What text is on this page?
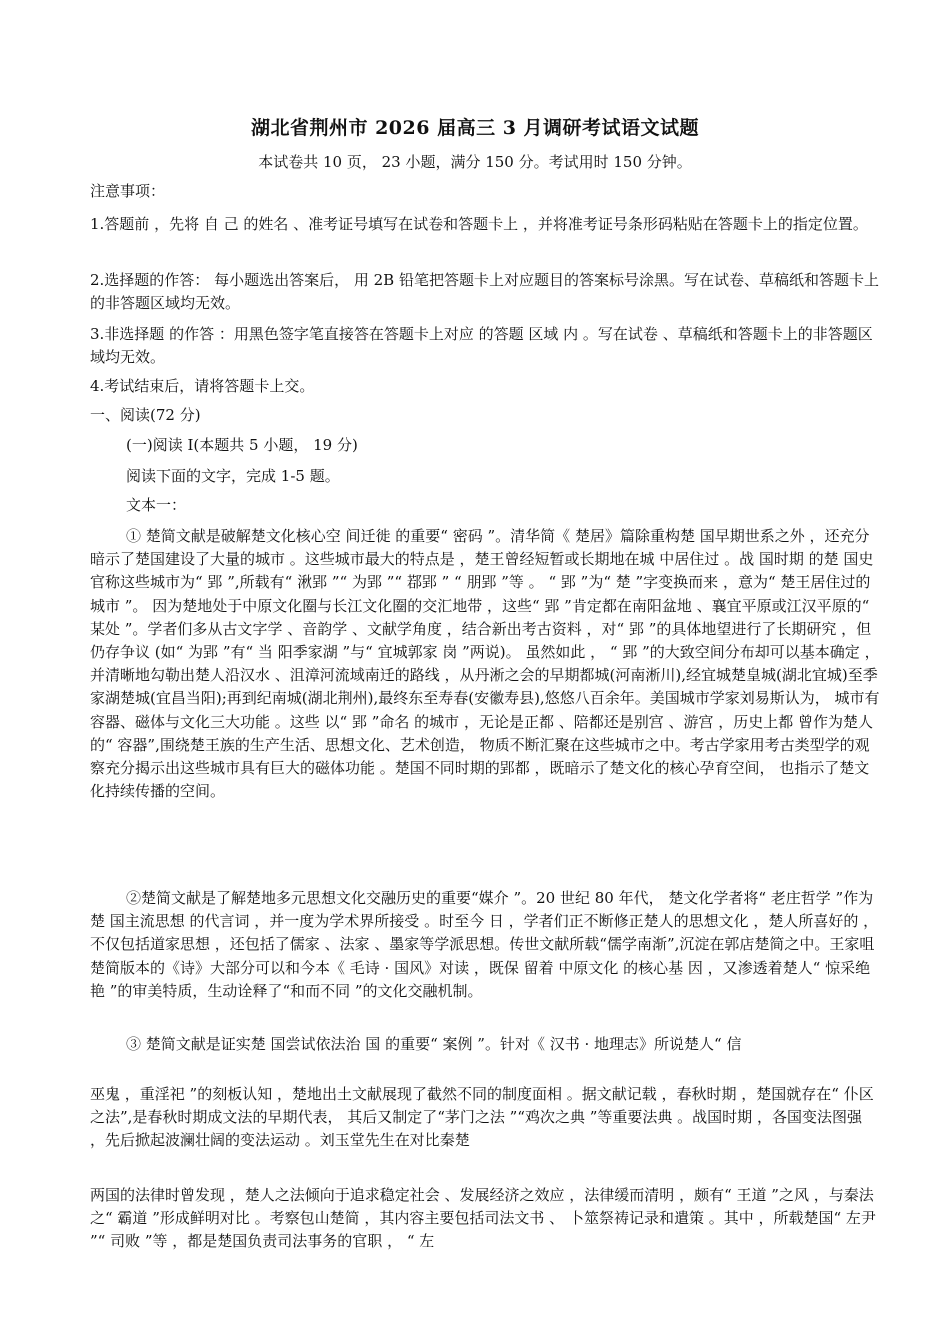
湖北省荆州市 2026 届高三 3 月调研考试语文试题
本试卷共 10 页， 23 小题，满分 150 分。考试用时 150 分钟。
注意事项：
1.答题前 ，先将 自 己 的姓名 、准考证号填写在试卷和答题卡上 ，并将准考证号条形码粘贴在答题卡上的指定位置。
2.选择题的作答： 每小题选出答案后， 用 2B 铅笔把答题卡上对应题目的答案标号涂黑。写在试卷、草稿纸和答题卡上的非答题区域均无效。
3.非选择题 的作答 ：用黑色签字笔直接答在答题卡上对应 的答题 区域 内 。写在试卷 、草稿纸和答题卡上的非答题区域均无效。
4.考试结束后，请将答题卡上交。
一、阅读(72 分)
(一)阅读 I(本题共 5 小题， 19 分)
阅读下面的文字，完成 1-5 题。
文本一：
① 楚简文献是破解楚文化核心空 间迁徙 的重要“ 密码 ”。清华简《 楚居》篇除重构楚 国早期世系之外 ，还充分暗示了楚国建设了大量的城市 。这些城市最大的特点是 ，楚王曾经短暂或长期地在城 中居住过 。战 国时期 的楚 国史官称这些城市为“ 郢 ”,所载有“ 湫郢 ”“ 为郢 ”“ 鄀郢 ” “ 朋郢 ”等 。 “ 郢 ”为“ 楚 ”字变换而来 ，意为“ 楚王居住过的城市 ”。 因为楚地处于中原文化圈与长江文化圈的交汇地带 ，这些“ 郢 ”肯定都在南阳盆地 、襄宜平原或江汉平原的“ 某处 ”。学者们多从古文字学 、音韵学 、文献学角度 ，结合新出考古资料 ，对“ 郢 ”的具体地望进行了长期研究 ，但仍存争议 (如“ 为郢 ”有“ 当 阳季家湖 ”与“ 宜城郭家 岗 ”两说)。 虽然如此 ， “ 郢 ”的大致空间分布却可以基本确定 ，并清晰地勾勒出楚人沿汉水 、沮漳河流域南迁的路线 ，从丹淅之会的早期都城(河南淅川),经宜城楚皇城(湖北宜城)至季家湖楚城(宜昌当阳);再到纪南城(湖北荆州),最终东至寿春(安徽寿县),悠悠八百余年。美国城市学家刘易斯认为， 城市有容器、磁体与文化三大功能 。这些 以“ 郢 ”命名 的城市 ，无论是正都 、陪都还是别宫 、游宫 ，历史上都 曾作为楚人的“ 容器”,围绕楚王族的生产生活、思想文化、艺术创造， 物质不断汇聚在这些城市之中。考古学家用考古类型学的观察充分揭示出这些城市具有巨大的磁体功能 。楚国不同时期的郢都 ，既暗示了楚文化的核心孕育空间， 也指示了楚文化持续传播的空间。
②楚简文献是了解楚地多元思想文化交融历史的重要“媒介 ”。20 世纪 80 年代， 楚文化学者将“ 老庄哲学 ”作为楚 国主流思想 的代言词 ，并一度为学术界所接受 。时至今 日 ，学者们正不断修正楚人的思想文化 ，楚人所喜好的 ，不仅包括道家思想 ，还包括了儒家 、法家 、墨家等学派思想。传世文献所载“儒学南渐”,沉淀在郭店楚简之中。王家咀楚简版本的《诗》大部分可以和今本《 毛诗 · 国风》对读 ，既保 留着 中原文化 的核心基 因 ，又渗透着楚人“ 惊采绝艳 ”的审美特质，生动诠释了“和而不同 ”的文化交融机制。
③ 楚简文献是证实楚 国尝试依法治 国 的重要“ 案例 ”。针对《 汉书 · 地理志》所说楚人“ 信
巫鬼 ，重淫祀 ”的刻板认知 ，楚地出土文献展现了截然不同的制度面相 。据文献记载 ，春秋时期 ，楚国就存在“ 仆区之法”,是春秋时期成文法的早期代表， 其后又制定了“茅门之法 ”“鸡次之典 ”等重要法典 。战国时期 ，各国变法图强 ，先后掀起波澜壮阔的变法运动 。刘玉堂先生在对比秦楚
两国的法律时曾发现 ，楚人之法倾向于追求稳定社会 、发展经济之效应 ，法律缓而清明 ，颇有“ 王道 ”之风 ，与秦法之“ 霸道 ”形成鲜明对比 。考察包山楚简 ，其内容主要包括司法文书 、 卜筮祭祷记录和遣策 。其中 ，所载楚国“ 左尹 ”“ 司败 ”等 ，都是楚国负责司法事务的官职 ， “ 左
